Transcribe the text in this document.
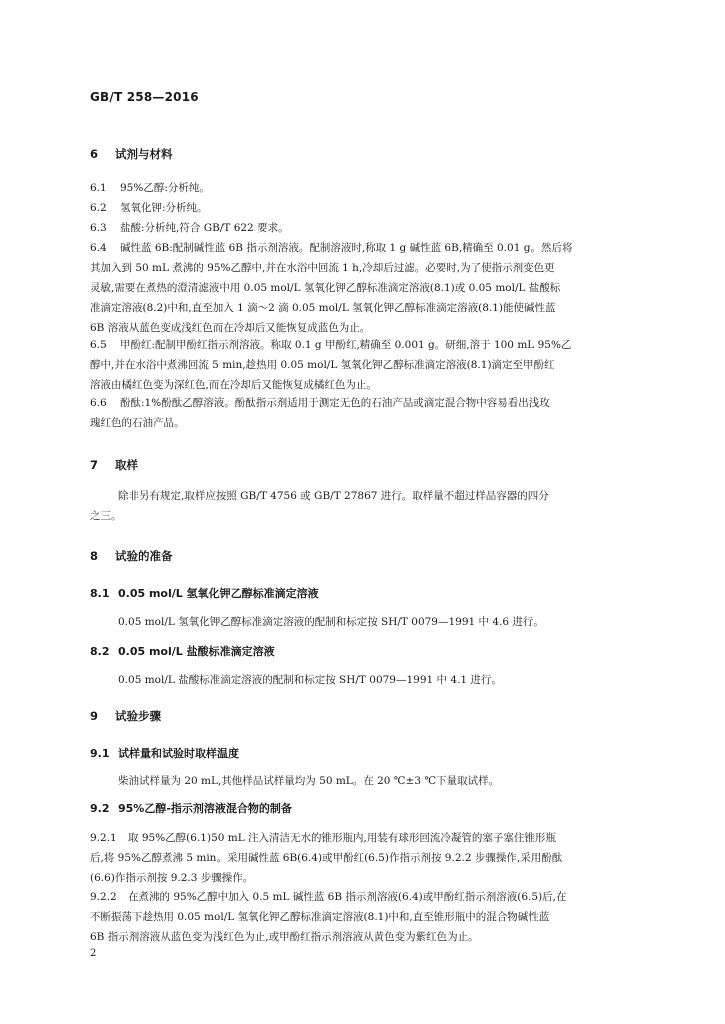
GB/T 258—2016
6 试剂与材料
6.1 95%乙醇:分析纯。
6.2 氢氧化钾:分析纯。
6.3 盐酸:分析纯,符合 GB/T 622 要求。
6.4 碱性蓝 6B:配制碱性蓝 6B 指示剂溶液。配制溶液时,称取 1 g 碱性蓝 6B,精确至 0.01 g。然后将
其加入到 50 mL 煮沸的 95%乙醇中,并在水浴中回流 1 h,冷却后过滤。必要时,为了使指示剂变色更
灵敏,需要在煮热的澄清滤液中用 0.05 mol/L 氢氧化钾乙醇标准滴定溶液(8.1)或 0.05 mol/L 盐酸标
准滴定溶液(8.2)中和,直至加入 1 滴～2 滴 0.05 mol/L 氢氧化钾乙醇标准滴定溶液(8.1)能使碱性蓝
6B 溶液从蓝色变成浅红色而在冷却后又能恢复成蓝色为止。
6.5 甲酚红:配制甲酚红指示剂溶液。称取 0.1 g 甲酚红,精确至 0.001 g。研细,溶于 100 mL 95%乙
醇中,并在水浴中煮沸回流 5 min,趁热用 0.05 mol/L 氢氧化钾乙醇标准滴定溶液(8.1)滴定至甲酚红
溶液由橘红色变为深红色,而在冷却后又能恢复成橘红色为止。
6.6 酚酞:1%酚酞乙醇溶液。酚酞指示剂适用于测定无色的石油产品或滴定混合物中容易看出浅玫
瑰红色的石油产品。
7 取样
除非另有规定,取样应按照 GB/T 4756 或 GB/T 27867 进行。取样量不超过样品容器的四分
之三。
8 试验的准备
8.1 0.05 mol/L 氢氧化钾乙醇标准滴定溶液
0.05 mol/L 氢氧化钾乙醇标准滴定溶液的配制和标定按 SH/T 0079—1991 中 4.6 进行。
8.2 0.05 mol/L 盐酸标准滴定溶液
0.05 mol/L 盐酸标准滴定溶液的配制和标定按 SH/T 0079—1991 中 4.1 进行。
9 试验步骤
9.1 试样量和试验时取样温度
柴油试样量为 20 mL,其他样品试样量均为 50 mL。在 20 ℃±3 ℃下量取试样。
9.2 95%乙醇-指示剂溶液混合物的制备
9.2.1 取 95%乙醇(6.1)50 mL 注入清洁无水的锥形瓶内,用装有球形回流冷凝管的塞子塞住锥形瓶
后,将 95%乙醇煮沸 5 min。采用碱性蓝 6B(6.4)或甲酚红(6.5)作指示剂按 9.2.2 步骤操作,采用酚酞
(6.6)作指示剂按 9.2.3 步骤操作。
9.2.2 在煮沸的 95%乙醇中加入 0.5 mL 碱性蓝 6B 指示剂溶液(6.4)或甲酚红指示剂溶液(6.5)后,在
不断振荡下趁热用 0.05 mol/L 氢氧化钾乙醇标准滴定溶液(8.1)中和,直至锥形瓶中的混合物碱性蓝
6B 指示剂溶液从蓝色变为浅红色为止,或甲酚红指示剂溶液从黄色变为紫红色为止。
2
